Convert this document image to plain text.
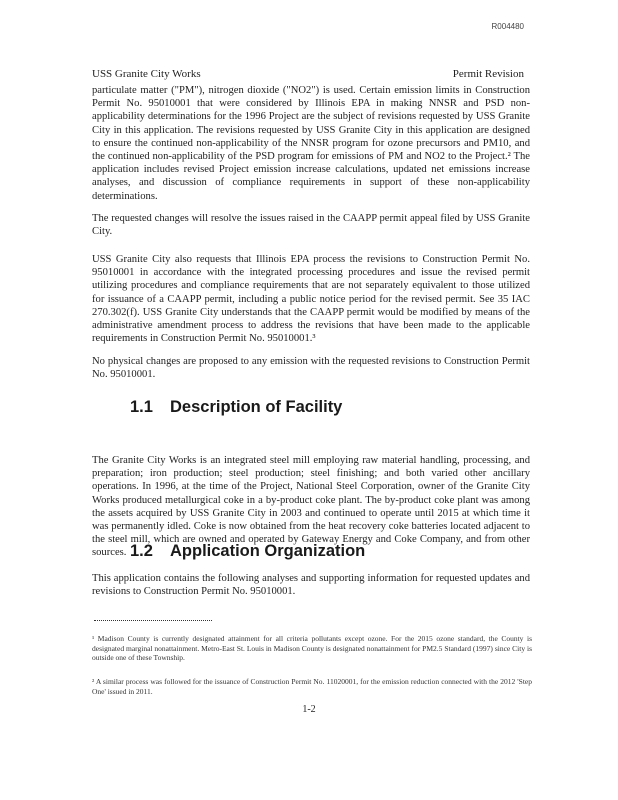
R004480
USS Granite City Works	Permit Revision

particulate matter ("PM"), nitrogen dioxide ("NO2") is used. Certain emission limits in Construction Permit No. 95010001 that were considered by Illinois EPA in making NNSR and PSD non-applicability determinations for the 1996 Project are the subject of revisions requested by USS Granite City in this application. The revisions requested by USS Granite City in this application are designed to ensure the continued non-applicability of the NNSR program for ozone precursors and PM10, and the continued non-applicability of the PSD program for emissions of PM and NO2 to the Project.² The application includes revised Project emission increase calculations, updated net emissions increase analyses, and discussion of compliance requirements in support of these non-applicability determinations.

The requested changes will resolve the issues raised in the CAAPP permit appeal filed by USS Granite City.

USS Granite City also requests that Illinois EPA process the revisions to Construction Permit No. 95010001 in accordance with the integrated processing procedures and issue the revised permit utilizing procedures and compliance requirements that are not separately equivalent to those utilized for issuance of a CAAPP permit, including a public notice period for the revised permit. See 35 IAC 270.302(f). USS Granite City understands that the CAAPP permit would be modified by means of the administrative amendment process to address the revisions that have been made to the applicable requirements in Construction Permit No. 95010001.³

No physical changes are proposed to any emission with the requested revisions to Construction Permit No. 95010001.

1.1 Description of Facility

The Granite City Works is an integrated steel mill employing raw material handling, processing, and preparation; iron production; steel production; steel finishing; and both varied other ancillary operations. In 1996, at the time of the Project, National Steel Corporation, owner of the Granite City Works produced metallurgical coke in a by-product coke plant. The by-product coke plant was among the assets acquired by USS Granite City in 2003 and continued to operate until 2015 at which time it was permanently idled. Coke is now obtained from the heat recovery coke batteries located adjacent to the steel mill, which are owned and operated by Gateway Energy and Coke Company, and from other sources. 1.2 Application Organization

This application contains the following analyses and supporting information for requested updates and revisions to Construction Permit No. 95010001.

¹ Madison County is currently designated attainment for all criteria pollutants except ozone. For the 2015 ozone standard, the County is designated marginal nonattainment. Metro-East St. Louis in Madison County is designated nonattainment for PM2.5 Standard (1997) since City is outside one of these Township.

² A similar process was followed for the issuance of Construction Permit No. 11020001, for the emission reduction connected with the 2012 'Step One' issued in 2011.

1-2
